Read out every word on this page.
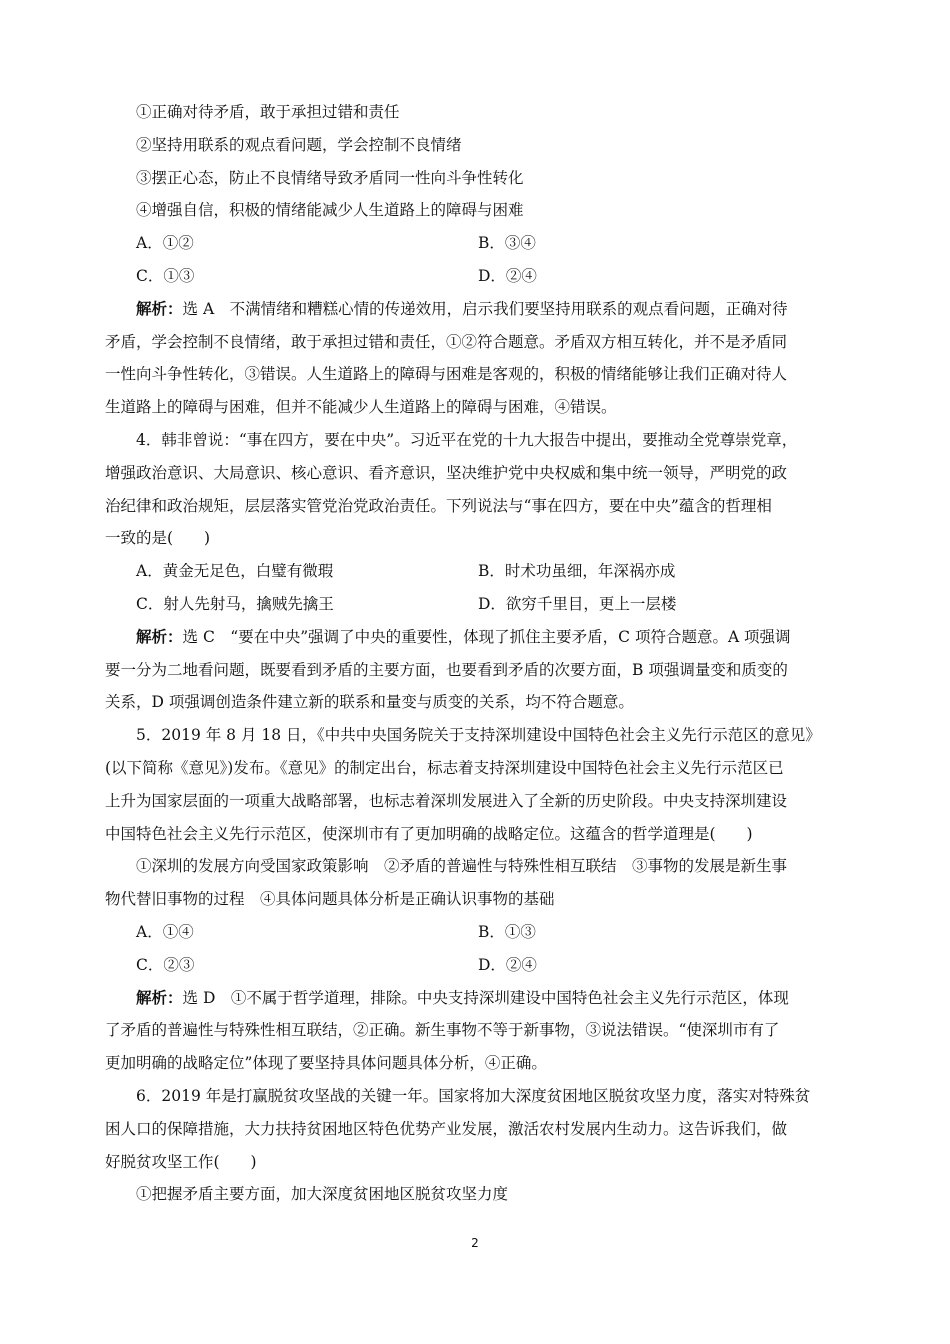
①正确对待矛盾，敢于承担过错和责任
②坚持用联系的观点看问题，学会控制不良情绪
③摆正心态，防止不良情绪导致矛盾同一性向斗争性转化
④增强自信，积极的情绪能减少人生道路上的障碍与困难
A．①②	B．③④
C．①③	D．②④
解析：选 A　不满情绪和糟糕心情的传递效用，启示我们要坚持用联系的观点看问题，正确对待
矛盾，学会控制不良情绪，敢于承担过错和责任，①②符合题意。矛盾双方相互转化，并不是矛盾同
一性向斗争性转化，③错误。人生道路上的障碍与困难是客观的，积极的情绪能够让我们正确对待人
生道路上的障碍与困难，但并不能减少人生道路上的障碍与困难，④错误。
4．韩非曾说：“事在四方，要在中央”。习近平在党的十九大报告中提出，要推动全党尊崇党章，
增强政治意识、大局意识、核心意识、看齐意识，坚决维护党中央权威和集中统一领导，严明党的政
治纪律和政治规矩，层层落实管党治党政治责任。下列说法与“事在四方，要在中央”蕴含的哲理相
一致的是(　　)
A．黄金无足色，白璧有微瑕	B．时术功虽细，年深祸亦成
C．射人先射马，擒贼先擒王	D．欲穷千里目，更上一层楼
解析：选 C　“要在中央”强调了中央的重要性，体现了抓住主要矛盾，C 项符合题意。A 项强调
要一分为二地看问题，既要看到矛盾的主要方面，也要看到矛盾的次要方面，B 项强调量变和质变的
关系，D 项强调创造条件建立新的联系和量变与质变的关系，均不符合题意。
5．2019 年 8 月 18 日，《中共中央国务院关于支持深圳建设中国特色社会主义先行示范区的意见》
(以下简称《意见》)发布。《意见》的制定出台，标志着支持深圳建设中国特色社会主义先行示范区已
上升为国家层面的一项重大战略部署，也标志着深圳发展进入了全新的历史阶段。中央支持深圳建设
中国特色社会主义先行示范区，使深圳市有了更加明确的战略定位。这蕴含的哲学道理是(　　)
①深圳的发展方向受国家政策影响　②矛盾的普遍性与特殊性相互联结　③事物的发展是新生事
物代替旧事物的过程　④具体问题具体分析是正确认识事物的基础
A．①④	B．①③
C．②③	D．②④
解析：选 D　①不属于哲学道理，排除。中央支持深圳建设中国特色社会主义先行示范区，体现
了矛盾的普遍性与特殊性相互联结，②正确。新生事物不等于新事物，③说法错误。“使深圳市有了
更加明确的战略定位”体现了要坚持具体问题具体分析，④正确。
6．2019 年是打赢脱贫攻坚战的关键一年。国家将加大深度贫困地区脱贫攻坚力度，落实对特殊贫
困人口的保障措施，大力扶持贫困地区特色优势产业发展，激活农村发展内生动力。这告诉我们，做
好脱贫攻坚工作(　　)
①把握矛盾主要方面，加大深度贫困地区脱贫攻坚力度
2
